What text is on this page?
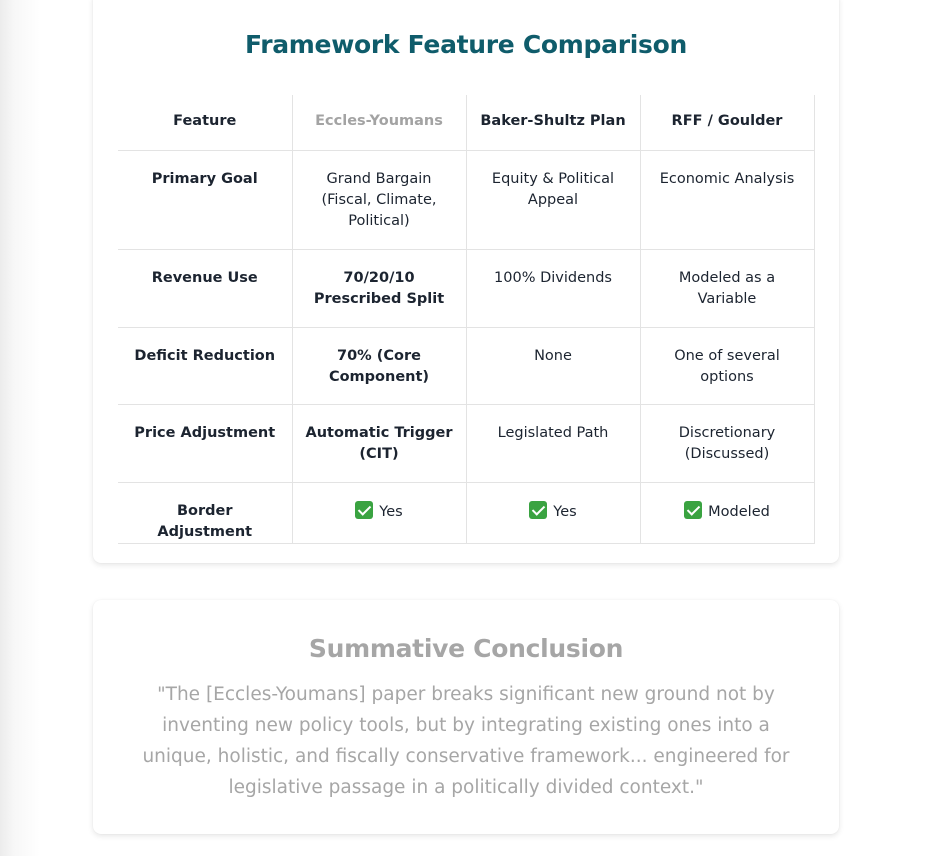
Framework Feature Comparison
Feature	Eccles-Youmans	Baker-Shultz Plan	RFF / Goulder
Primary Goal	Grand Bargain (Fiscal, Climate, Political)	Equity & Political Appeal	Economic Analysis
Revenue Use	70/20/10 Prescribed Split	100% Dividends	Modeled as a Variable
Deficit Reduction	70% (Core Component)	None	One of several options
Price Adjustment	Automatic Trigger (CIT)	Legislated Path	Discretionary (Discussed)
Border Adjustment	Yes	Yes	Modeled
Summative Conclusion

"The [Eccles-Youmans] paper breaks significant new ground not by inventing new policy tools, but by integrating existing ones into a unique, holistic, and fiscally conservative framework... engineered for legislative passage in a politically divided context."
